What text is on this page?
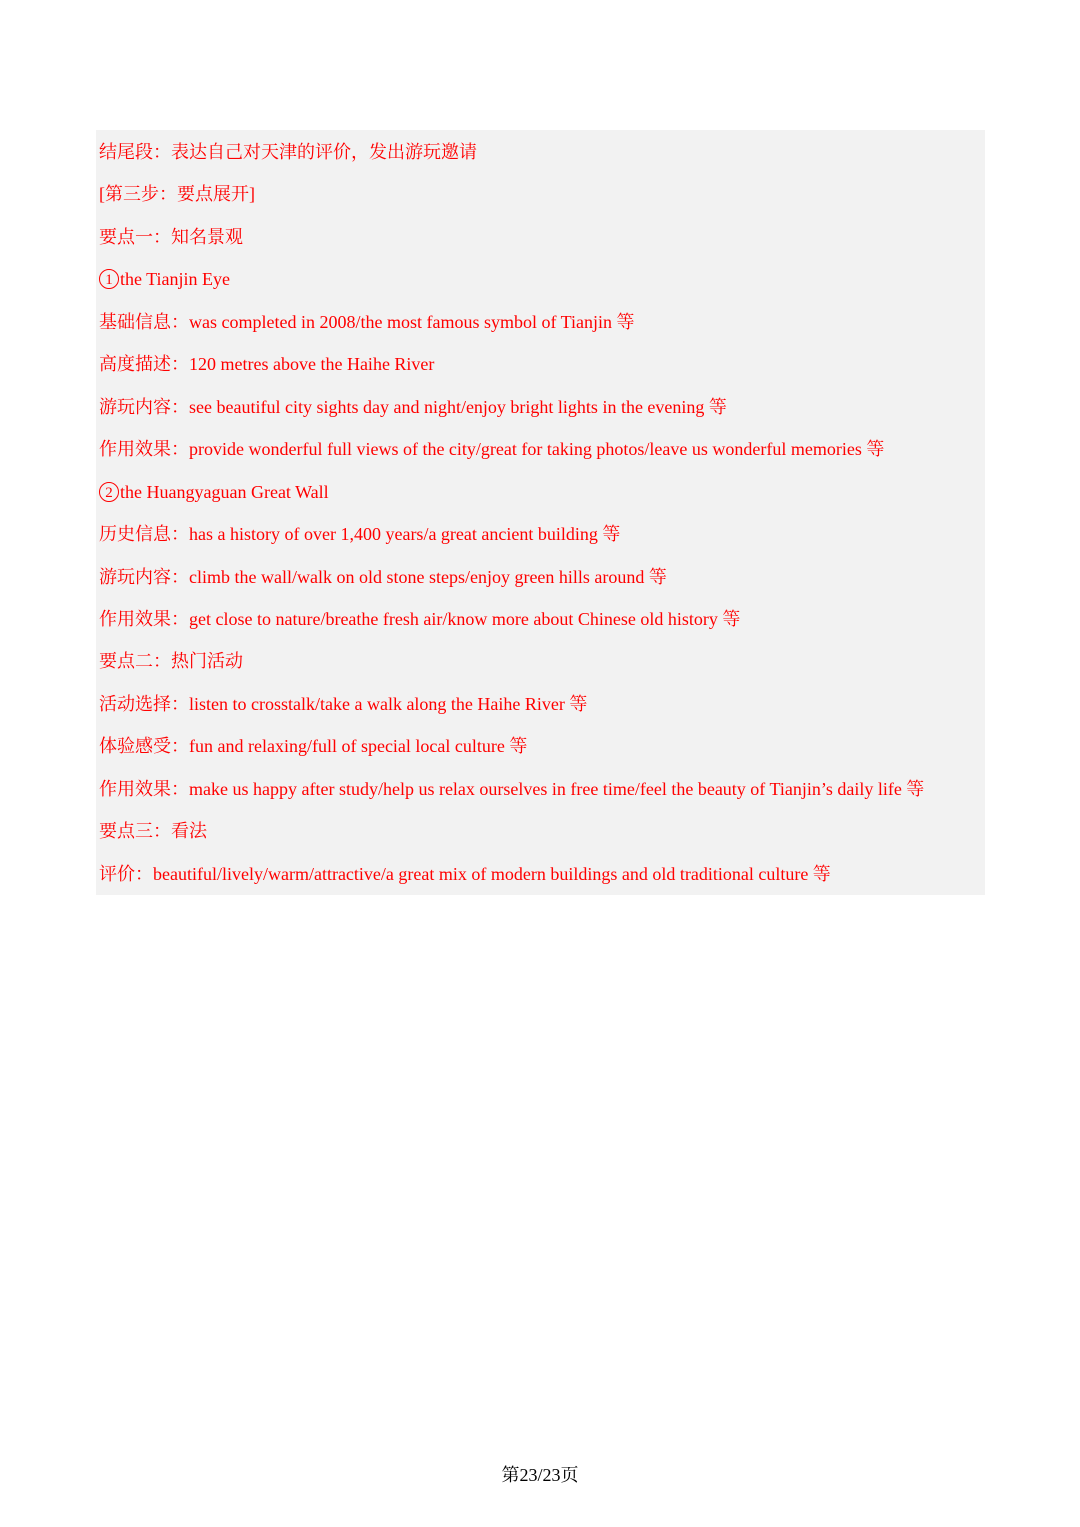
结尾段：表达自己对天津的评价，发出游玩邀请
[第三步：要点展开]
要点一：知名景观
1 the Tianjin Eye
基础信息：was completed in 2008/the most famous symbol of Tianjin 等
高度描述：120 metres above the Haihe River
游玩内容：see beautiful city sights day and night/enjoy bright lights in the evening 等
作用效果：provide wonderful full views of the city/great for taking photos/leave us wonderful memories 等
2 the Huangyaguan Great Wall
历史信息：has a history of over 1,400 years/a great ancient building 等
游玩内容：climb the wall/walk on old stone steps/enjoy green hills around 等
作用效果：get close to nature/breathe fresh air/know more about Chinese old history 等
要点二：热门活动
活动选择：listen to crosstalk/take a walk along the Haihe River 等
体验感受：fun and relaxing/full of special local culture 等
作用效果：make us happy after study/help us relax ourselves in free time/feel the beauty of Tianjin’s daily life 等
要点三：看法
评价：beautiful/lively/warm/attractive/a great mix of modern buildings and old traditional culture 等
第23/23页
